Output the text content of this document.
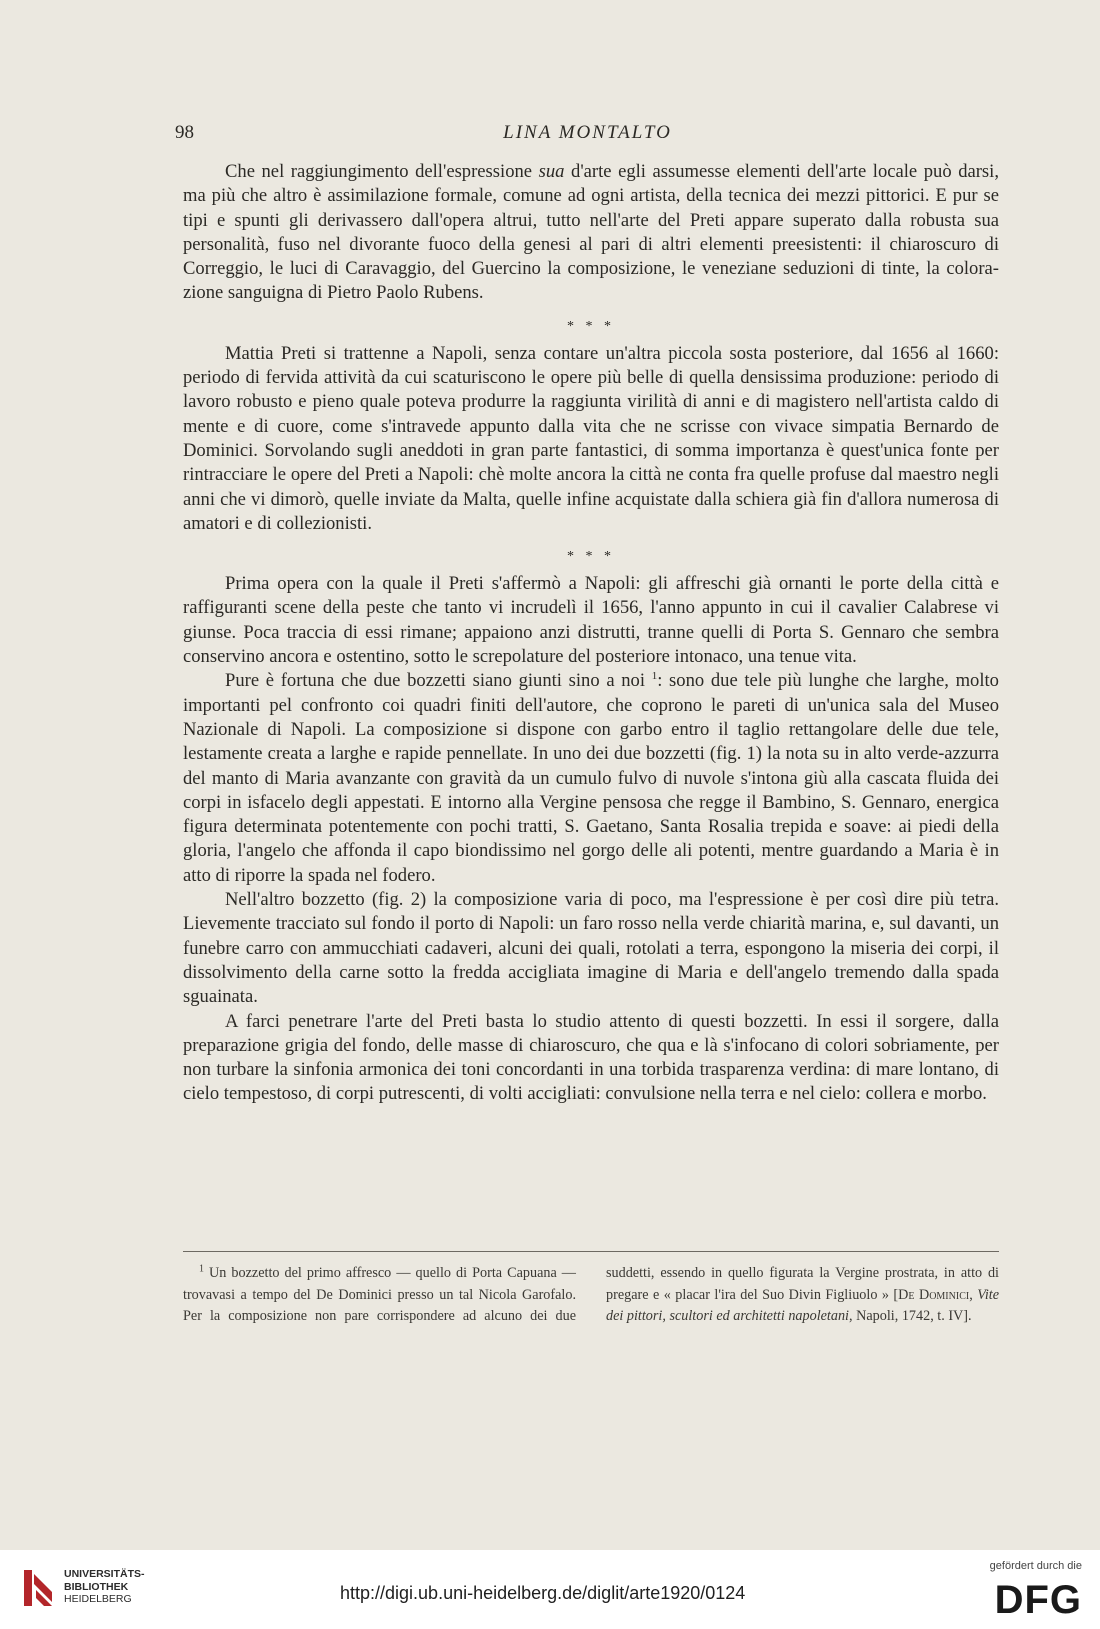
98	LINA MONTALTO

Che nel raggiungimento dell'espressione sua d'arte egli assumesse elementi dell'arte locale può darsi, ma più che altro è assimilazione formale, comune ad ogni artista, della tecnica dei mezzi pittorici. E pur se tipi e spunti gli derivassero dall'opera altrui, tutto nell'arte del Preti appare superato dalla robusta sua personalità, fuso nel divorante fuoco della genesi al pari di altri elementi preesistenti: il chiaroscuro di Correggio, le luci di Caravaggio, del Guercino la composizione, le veneziane seduzioni di tinte, la colorazione sanguigna di Pietro Paolo Rubens.

* * *

Mattia Preti si trattenne a Napoli, senza contare un'altra piccola sosta posteriore, dal 1656 al 1660: periodo di fervida attività da cui scaturiscono le opere più belle di quella densissima produzione: periodo di lavoro robusto e pieno quale poteva produrre la raggiunta virilità di anni e di magistero nell'artista caldo di mente e di cuore, come s'intravede appunto dalla vita che ne scrisse con vivace simpatia Bernardo de Dominici. Sorvolando sugli aneddoti in gran parte fantastici, di somma importanza è quest'unica fonte per rintracciare le opere del Preti a Napoli: chè molte ancora la città ne conta fra quelle profuse dal maestro negli anni che vi dimorò, quelle inviate da Malta, quelle infine acquistate dalla schiera già fin d'allora numerosa di amatori e di collezionisti.

* * *

Prima opera con la quale il Preti s'affermò a Napoli: gli affreschi già ornanti le porte della città e raffiguranti scene della peste che tanto vi incrudelì il 1656, l'anno appunto in cui il cavalier Calabrese vi giunse. Poca traccia di essi rimane; appaiono anzi distrutti, tranne quelli di Porta S. Gennaro che sembra conservino ancora e ostentino, sotto le screpolature del posteriore intonaco, una tenue vita.

Pure è fortuna che due bozzetti siano giunti sino a noi $^1$: sono due tele più lunghe che larghe, molto importanti pel confronto coi quadri finiti dell'autore, che coprono le pareti di un'unica sala del Museo Nazionale di Napoli. La composizione si dispone con garbo entro il taglio rettangolare delle due tele, lestamente creata a larghe e rapide pennellate. In uno dei due bozzetti (fig. 1) la nota su in alto verde-azzurra del manto di Maria avanzante con gravità da un cumulo fulvo di nuvole s'intona giù alla cascata fluida dei corpi in isfacelo degli appestati. E intorno alla Vergine pensosa che regge il Bambino, S. Gennaro, energica figura determinata potentemente con pochi tratti, S. Gaetano, Santa Rosalia trepida e soave: ai piedi della gloria, l'angelo che affonda il capo biondissimo nel gorgo delle ali potenti, mentre guardando a Maria è in atto di riporre la spada nel fodero.

Nell'altro bozzetto (fig. 2) la composizione varia di poco, ma l'espressione è per così dire più tetra. Lievemente tracciato sul fondo il porto di Napoli: un faro rosso nella verde chiarità marina, e, sul davanti, un funebre carro con ammucchiati cadaveri, alcuni dei quali, rotolati a terra, espongono la miseria dei corpi, il dissolvimento della carne sotto la fredda accigliata imagine di Maria e dell'angelo tremendo dalla spada sguainata.

A farci penetrare l'arte del Preti basta lo studio attento di questi bozzetti. In essi il sorgere, dalla preparazione grigia del fondo, delle masse di chiaroscuro, che qua e là s'infocano di colori sobriamente, per non turbare la sinfonia armonica dei toni concordanti in una torbida trasparenza verdina: di mare lontano, di cielo tempestoso, di corpi putrescenti, di volti accigliati: convulsione nella terra e nel cielo: collera e morbo.

$^1$ Un bozzetto del primo affresco — quello di Porta Capuana — trovavasi a tempo del De Dominici presso un tal Nicola Garofalo. Per la composizione non pare corrispondere ad alcuno dei due suddetti, essendo in quello figurata la Vergine prostrata, in atto di pregare e « placar l'ira del Suo Divin Figliuolo » [De Dominici, Vite dei pittori, scultori ed architetti napoletani, Napoli, 1742, t. IV].

UNIVERSITÄTS-
BIBLIOTHEK
HEIDELBERG	http://digi.ub.uni-heidelberg.de/diglit/arte1920/0124
gefördert durch die
DFG
